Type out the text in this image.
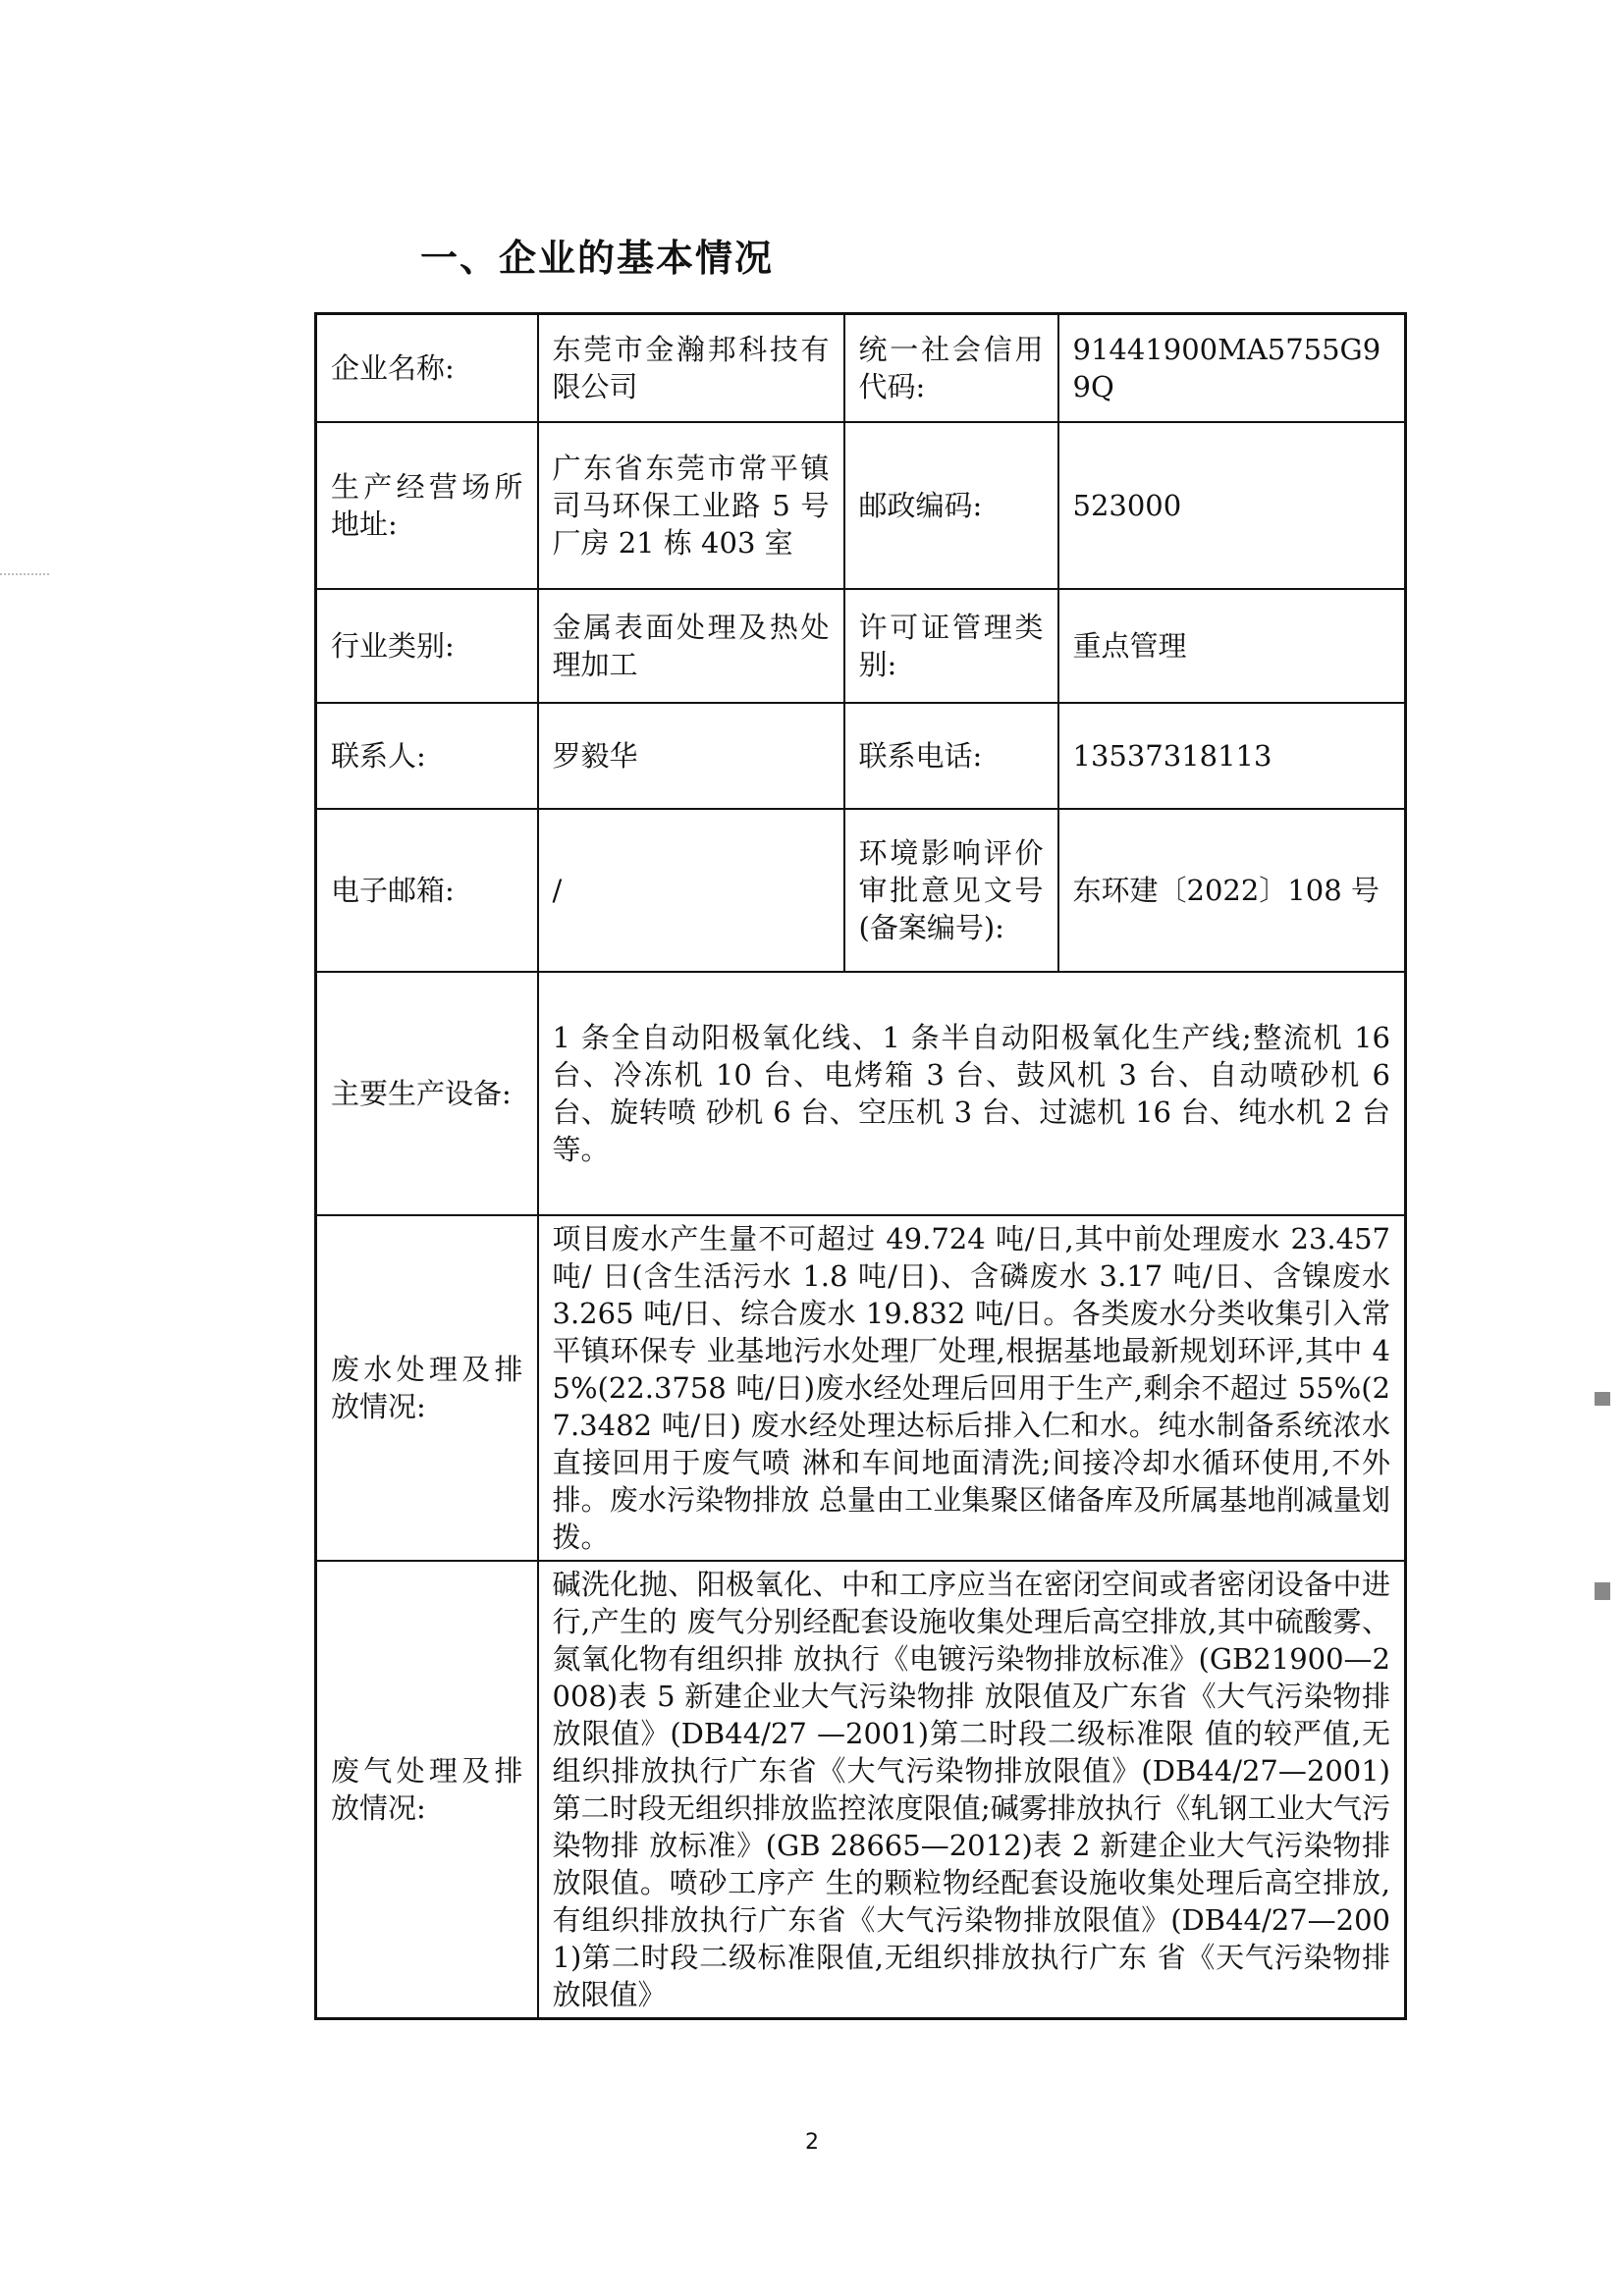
一、企业的基本情况
企业名称:	东莞市金瀚邦科技有 限公司	统一社会信用 代码:	91441900MA5755G99Q
生产经营场所 地址:	广东省东莞市常平镇 司马环保工业路 5 号 厂房 21 栋 403 室	邮政编码:	523000
行业类别:	金属表面处理及热处 理加工	许可证管理类 别:	重点管理
联系人:	罗毅华	联系电话:	13537318113
电子邮箱:	/	环境影响评价 审批意见文号 (备案编号):	东环建〔2022〕108 号
主要生产设备:	1 条全自动阳极氧化线、1 条半自动阳极氧化生产线;整流机 16 台、冷冻机 10 台、电烤箱 3 台、鼓风机 3 台、自动喷砂机 6 台、旋转喷 砂机 6 台、空压机 3 台、过滤机 16 台、纯水机 2 台等。		
废水处理及排放情况:	项目废水产生量不可超过 49.724 吨/日,其中前处理废水 23.457 吨/ 日(含生活污水 1.8 吨/日)、含磷废水 3.17 吨/日、含镍废水 3.265 吨/日、综合废水 19.832 吨/日。各类废水分类收集引入常平镇环保专 业基地污水处理厂处理,根据基地最新规划环评,其中 45%(22.3758 吨/日)废水经处理后回用于生产,剩余不超过 55%(27.3482 吨/日) 废水经处理达标后排入仁和水。纯水制备系统浓水直接回用于废气喷 淋和车间地面清洗;间接冷却水循环使用,不外排。废水污染物排放 总量由工业集聚区储备库及所属基地削减量划拨。		
废气处理及排放情况:	碱洗化抛、阳极氧化、中和工序应当在密闭空间或者密闭设备中进行,产生的 废气分别经配套设施收集处理后高空排放,其中硫酸雾、氮氧化物有组织排 放执行《电镀污染物排放标准》(GB21900—2008)表 5 新建企业大气污染物排 放限值及广东省《大气污染物排放限值》(DB44/27 —2001)第二时段二级标准限 值的较严值,无组织排放执行广东省《大气污染物排放限值》(DB44/27—2001) 第二时段无组织排放监控浓度限值;碱雾排放执行《轧钢工业大气污染物排 放标准》(GB 28665—2012)表 2 新建企业大气污染物排放限值。喷砂工序产 生的颗粒物经配套设施收集处理后高空排放,有组织排放执行广东省《大气污染物排放限值》(DB44/27—2001)第二时段二级标准限值,无组织排放执行广东 省《天气污染物排放限值》		
2
